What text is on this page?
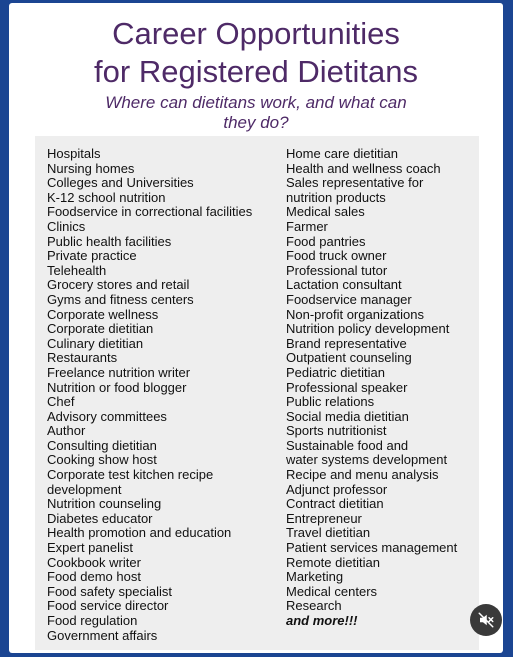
Career Opportunities
for Registered Dietitans

Where can dietitans work, and what can
they do?

Hospitals
Nursing homes
Colleges and Universities
K-12 school nutrition
Foodservice in correctional facilities
Clinics
Public health facilities
Private practice
Telehealth
Grocery stores and retail
Gyms and fitness centers
Corporate wellness
Corporate dietitian
Culinary dietitian
Restaurants
Freelance nutrition writer
Nutrition or food blogger
Chef
Advisory committees
Author
Consulting dietitian
Cooking show host
Corporate test kitchen recipe
development
Nutrition counseling
Diabetes educator
Health promotion and education
Expert panelist
Cookbook writer
Food demo host
Food safety specialist
Food service director
Food regulation
Government affairs
Home care dietitian
Health and wellness coach
Sales representative for
nutrition products
Medical sales
Farmer
Food pantries
Food truck owner
Professional tutor
Lactation consultant
Foodservice manager
Non-profit organizations
Nutrition policy development
Brand representative
Outpatient counseling
Pediatric dietitian
Professional speaker
Public relations
Social media dietitian
Sports nutritionist
Sustainable food and
water systems development
Recipe and menu analysis
Adjunct professor
Contract dietitian
Entrepreneur
Travel dietitian
Patient services management
Remote dietitian
Marketing
Medical centers
Research
and more!!!
